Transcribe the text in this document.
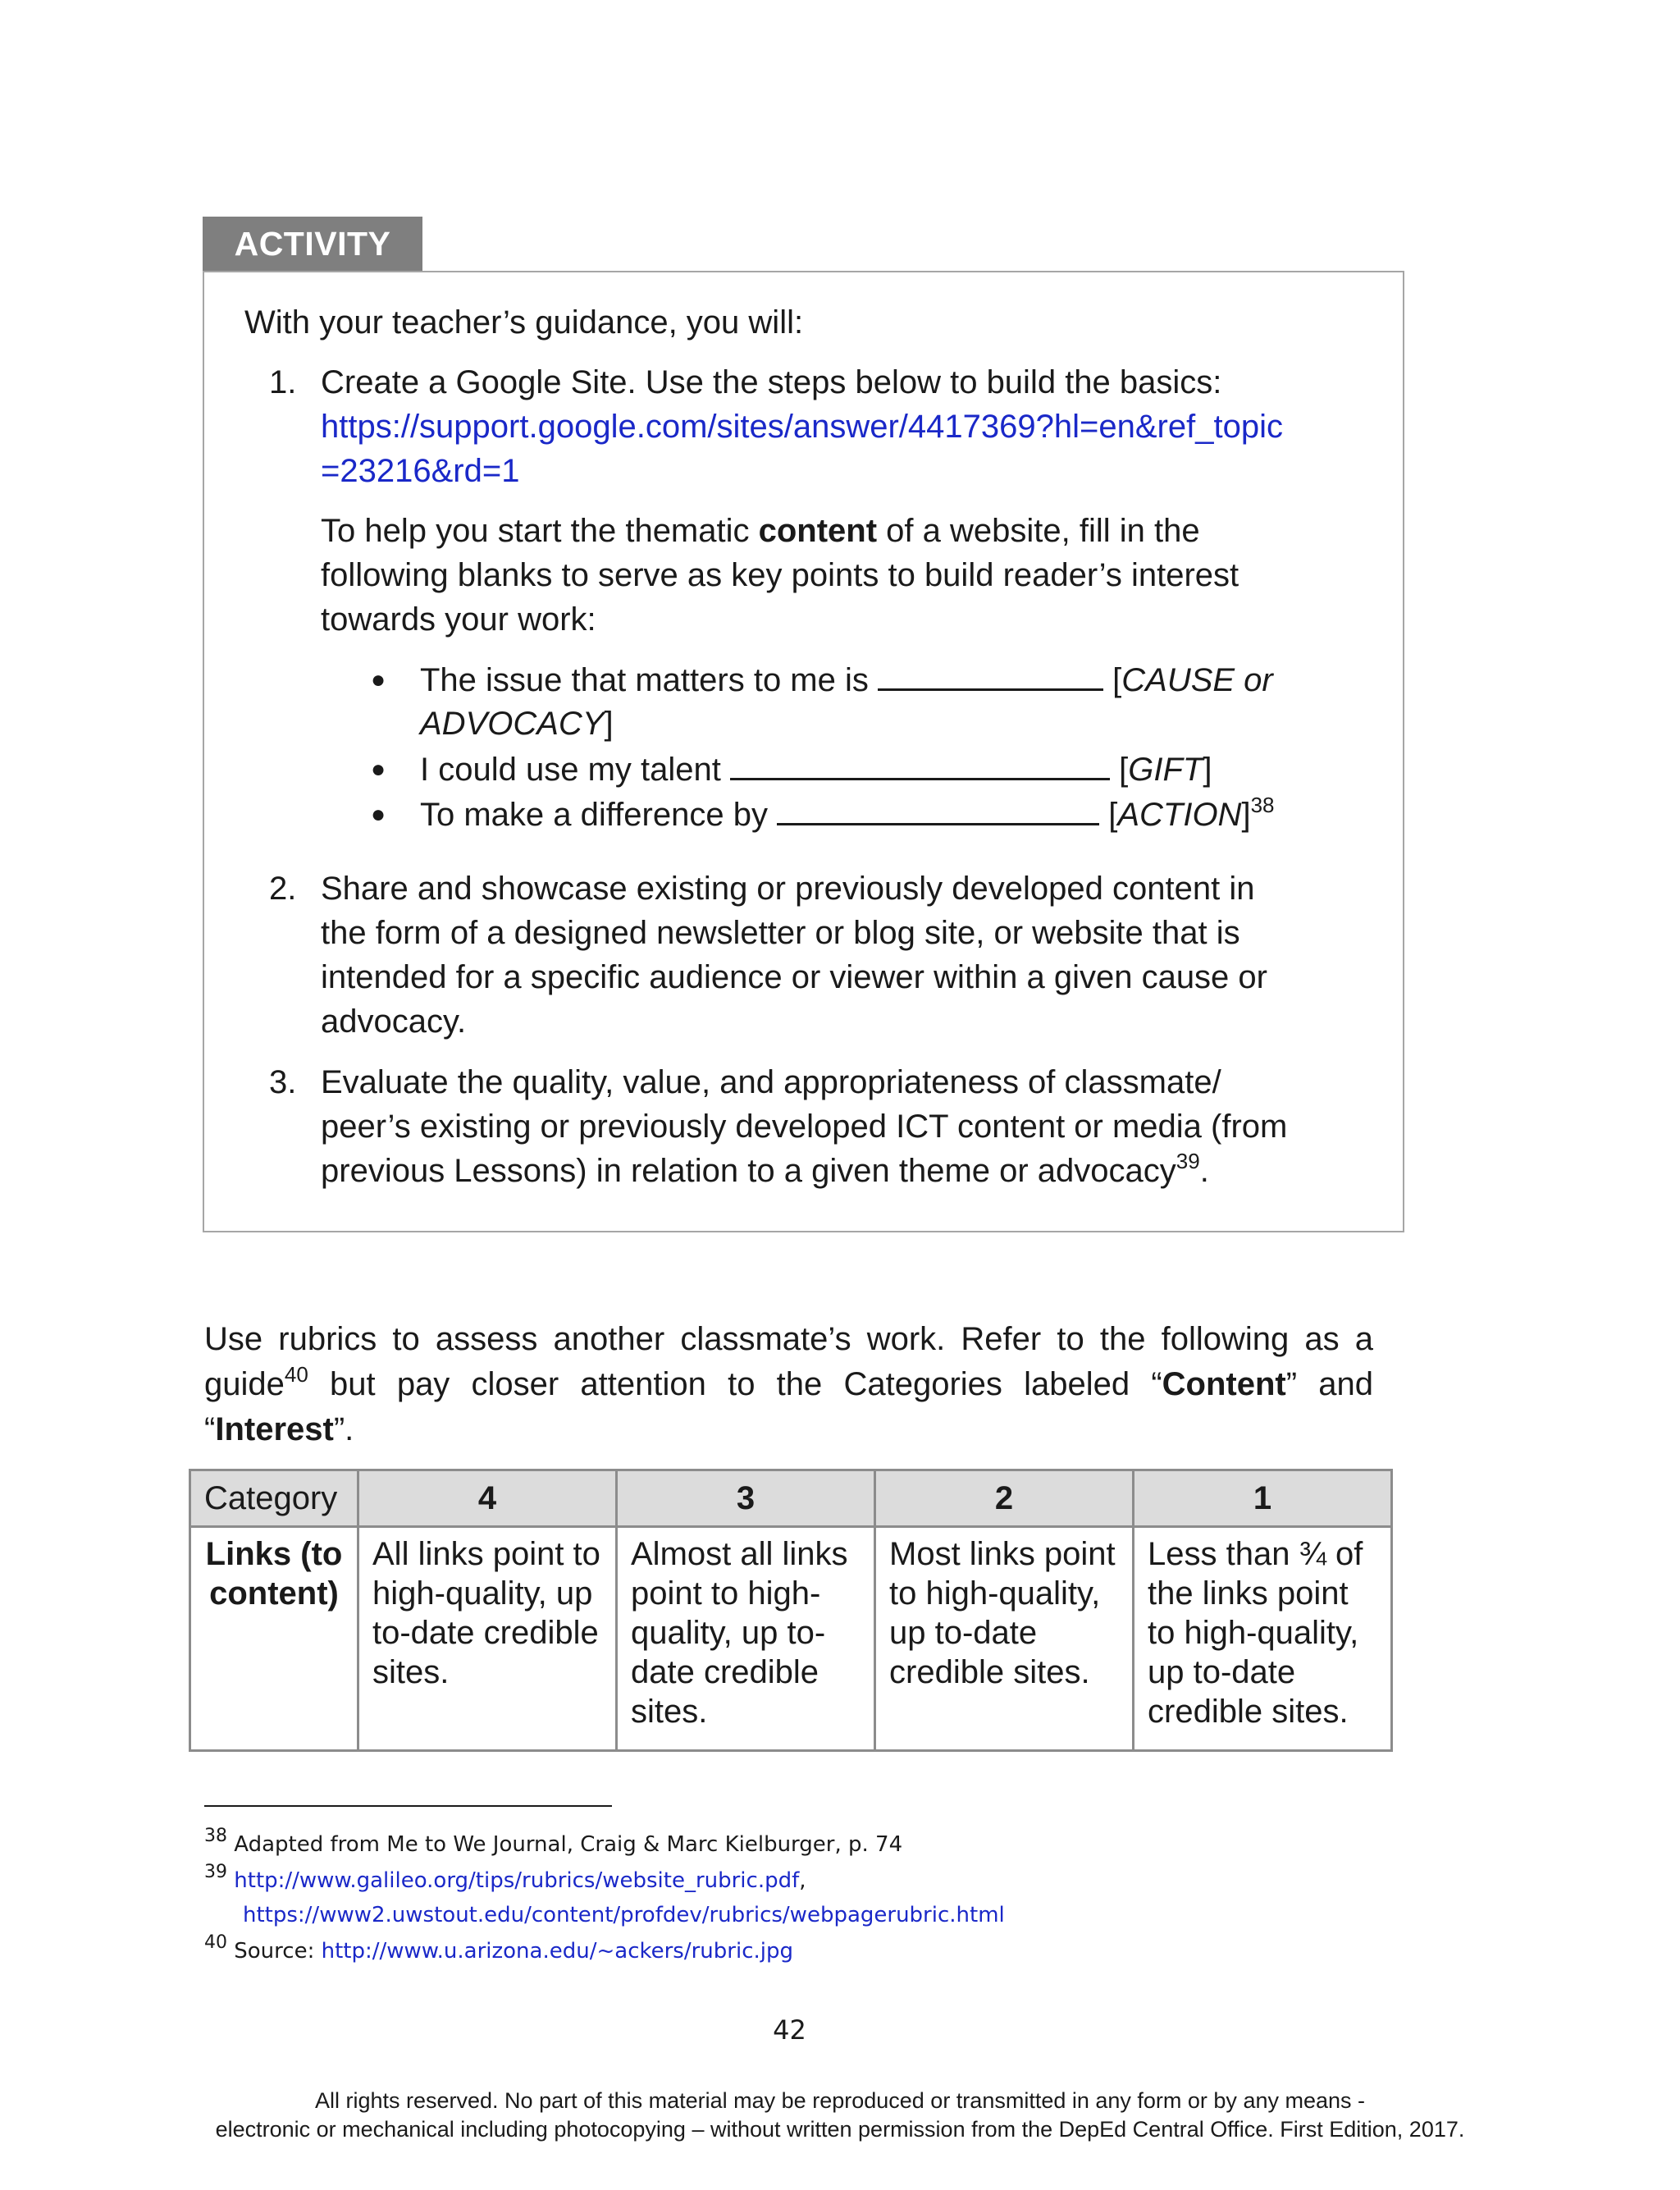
ACTIVITY
With your teacher’s guidance, you will:
1. Create a Google Site. Use the steps below to build the basics:
https://support.google.com/sites/answer/4417369?hl=en&ref_topic
=23216&rd=1
To help you start the thematic content of a website, fill in the
following blanks to serve as key points to build reader’s interest
towards your work:
● The issue that matters to me is	[CAUSE or
ADVOCACY]
● I could use my talent	[GIFT]
● To make a difference by	[ACTION]$^{38}$
2. Share and showcase existing or previously developed content in
the form of a designed newsletter or blog site, or website that is
intended for a specific audience or viewer within a given cause or
advocacy.
3. Evaluate the quality, value, and appropriateness of classmate/
peer’s existing or previously developed ICT content or media (from
previous Lessons) in relation to a given theme or advocacy$^{39}$.
Use rubrics to assess another classmate’s work. Refer to the following as a guide$^{40}$ but pay closer attention to the Categories labeled “Content” and “Interest”.
Category	4	3	2	1
Links (to content)	All links point to high-quality, up to-date credible sites.	Almost all links point to high-quality, up to-date credible sites.	Most links point to high-quality, up to-date credible sites.	Less than ¾ of the links point to high-quality, up to-date credible sites.
$^{38}$ Adapted from Me to We Journal, Craig & Marc Kielburger, p. 74
$^{39}$ http://www.galileo.org/tips/rubrics/website_rubric.pdf,
https://www2.uwstout.edu/content/profdev/rubrics/webpagerubric.html
$^{40}$ Source: http://www.u.arizona.edu/~ackers/rubric.jpg
42
All rights reserved. No part of this material may be reproduced or transmitted in any form or by any means -
electronic or mechanical including photocopying – without written permission from the DepEd Central Office. First Edition, 2017.
